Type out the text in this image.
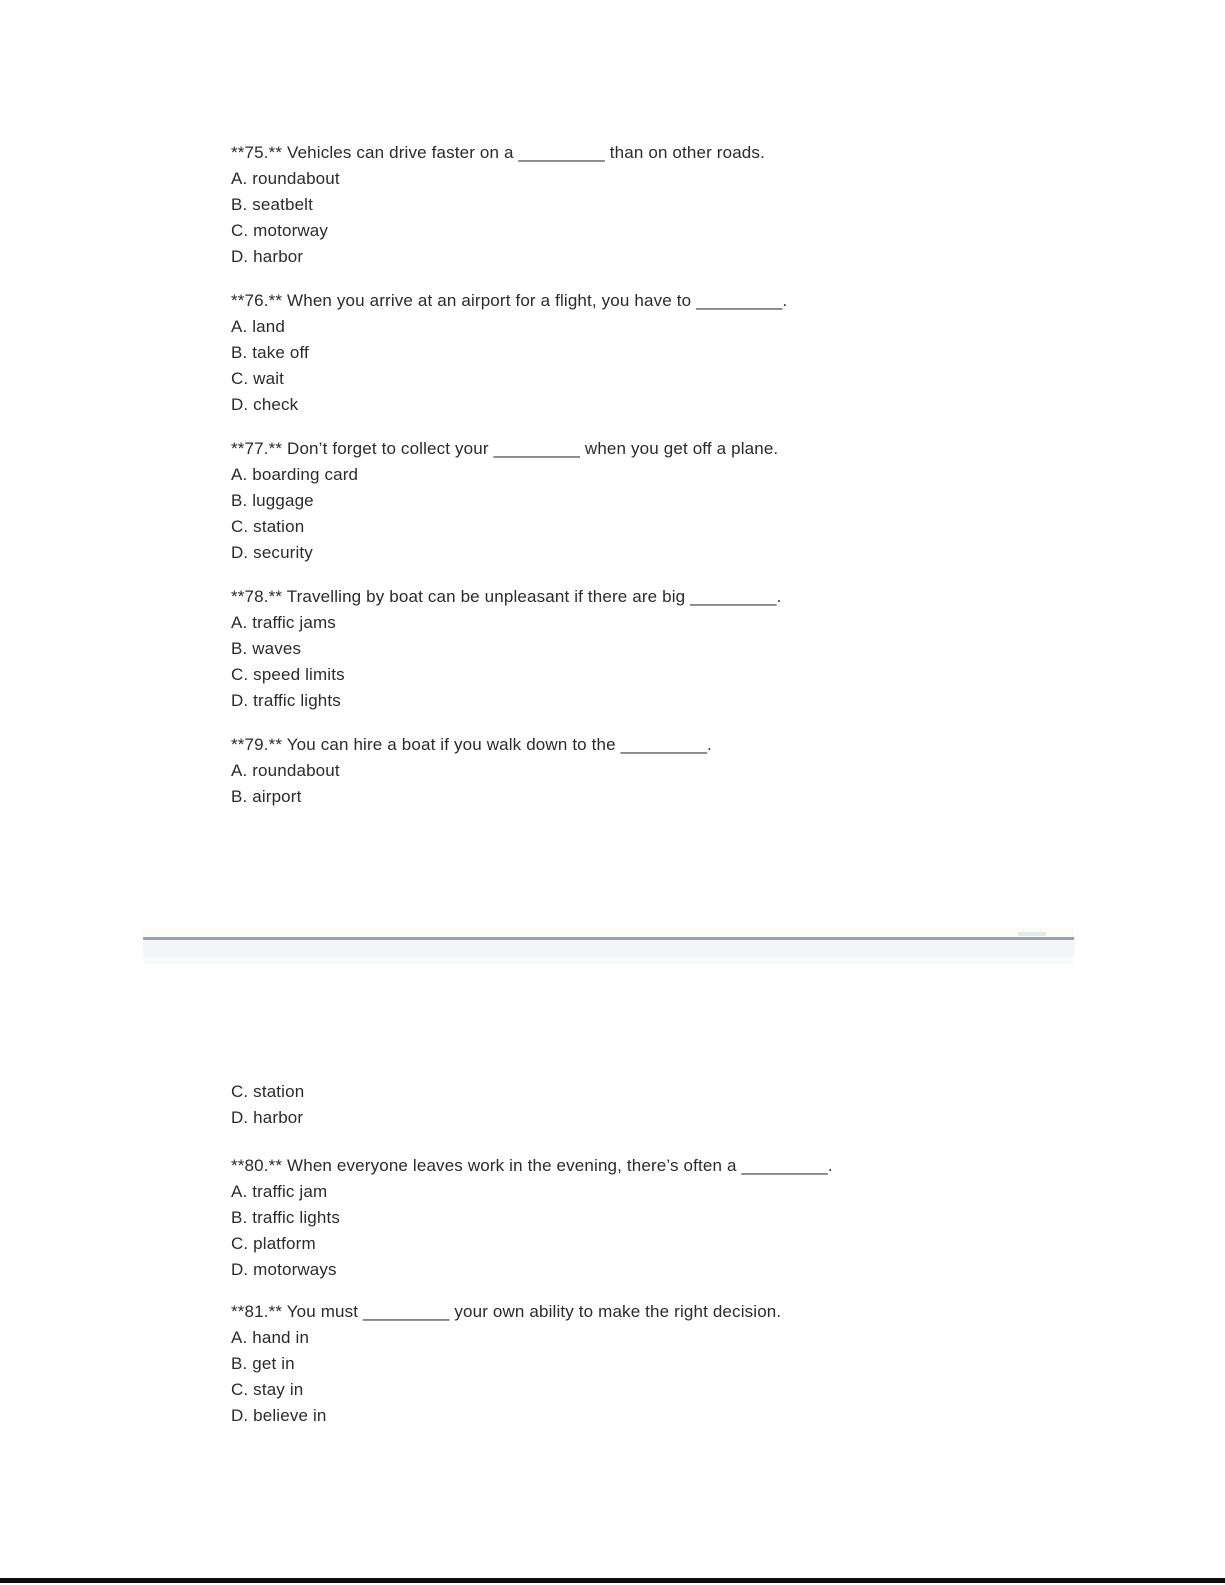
**75.** Vehicles can drive faster on a _________ than on other roads.
A. roundabout
B. seatbelt
C. motorway
D. harbor
**76.** When you arrive at an airport for a flight, you have to _________.
A. land
B. take off
C. wait
D. check
**77.** Don’t forget to collect your _________ when you get off a plane.
A. boarding card
B. luggage
C. station
D. security
**78.** Travelling by boat can be unpleasant if there are big _________.
A. traffic jams
B. waves
C. speed limits
D. traffic lights
**79.** You can hire a boat if you walk down to the _________.
A. roundabout
B. airport
C. station
D. harbor
**80.** When everyone leaves work in the evening, there’s often a _________.
A. traffic jam
B. traffic lights
C. platform
D. motorways
**81.** You must _________ your own ability to make the right decision.
A. hand in
B. get in
C. stay in
D. believe in
